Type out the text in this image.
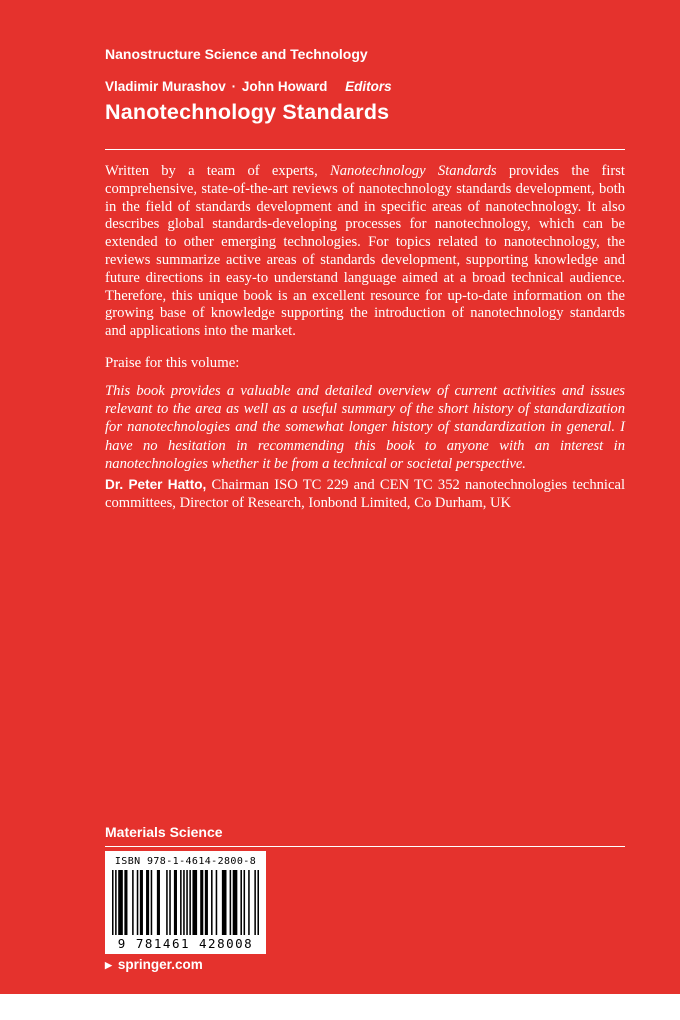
Nanostructure Science and Technology
Vladimir Murashov · John Howard Editors
Nanotechnology Standards
Written by a team of experts, Nanotechnology Standards provides the first comprehensive, state-of-the-art reviews of nanotechnology standards development, both in the field of standards development and in specific areas of nanotechnology. It also describes global standards-developing processes for nanotechnology, which can be extended to other emerging technologies. For topics related to nanotechnology, the reviews summarize active areas of standards development, supporting knowledge and future directions in easy-to understand language aimed at a broad technical audience. Therefore, this unique book is an excellent resource for up-to-date information on the growing base of knowledge supporting the introduction of nanotechnology standards and applications into the market.
Praise for this volume:
This book provides a valuable and detailed overview of current activities and issues relevant to the area as well as a useful summary of the short history of standardization for nanotechnologies and the somewhat longer history of standardization in general. I have no hesitation in recommending this book to anyone with an interest in nanotechnologies whether it be from a technical or societal perspective.
Dr. Peter Hatto, Chairman ISO TC 229 and CEN TC 352 nanotechnologies technical committees, Director of Research, Ionbond Limited, Co Durham, UK
Materials Science
ISBN 978-1-4614-2800-8
9 781461 428008
▶ springer.com
